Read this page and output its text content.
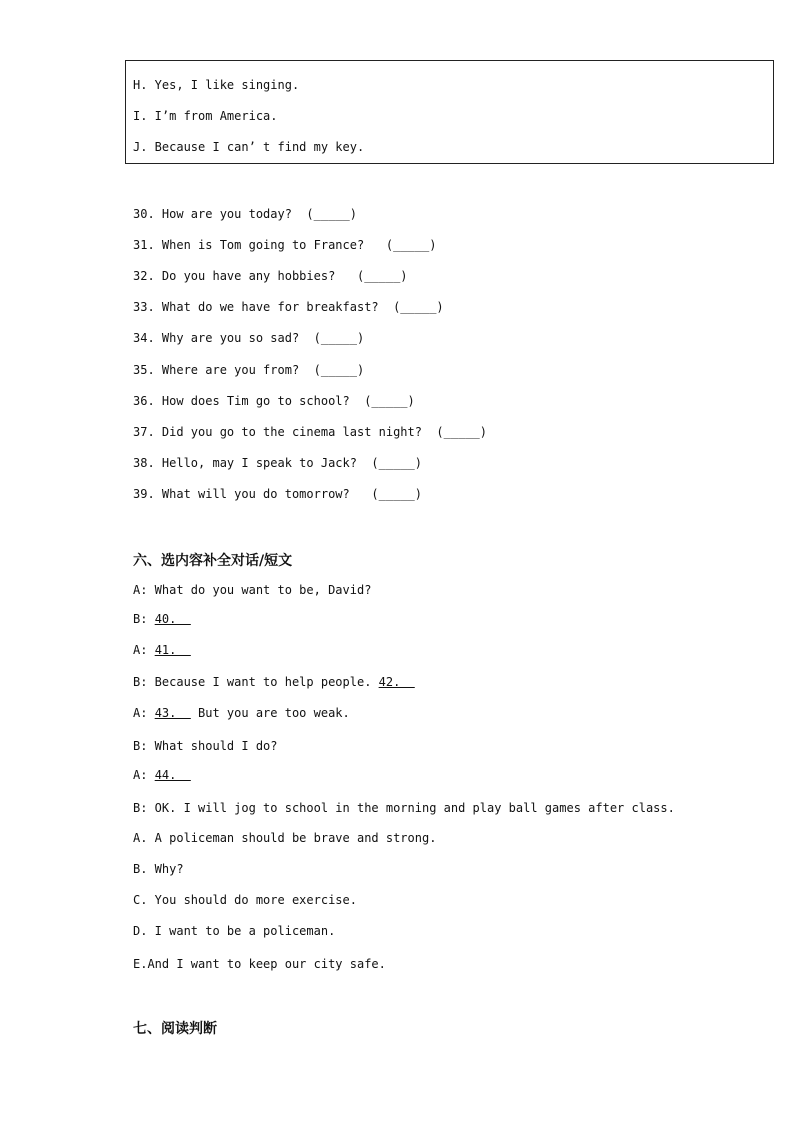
H. Yes, I like singing.
I. I’m from America.
J. Because I can’ t find my key.
30. How are you today?  (_____)
31. When is Tom going to France?   (_____)
32. Do you have any hobbies?   (_____)
33. What do we have for breakfast?  (_____)
34. Why are you so sad?  (_____)
35. Where are you from?  (_____)
36. How does Tim go to school?  (_____)
37. Did you go to the cinema last night?  (_____)
38. Hello, may I speak to Jack?  (_____)
39. What will you do tomorrow?   (_____)
六、选内容补全对话/短文
A: What do you want to be, David?
B: 40.
A: 41.
B: Because I want to help people. 42.
A: 43.   But you are too weak.
B: What should I do?
A: 44.
B: OK. I will jog to school in the morning and play ball games after class.
A. A policeman should be brave and strong.
B. Why?
C. You should do more exercise.
D. I want to be a policeman.
E.And I want to keep our city safe.
七、阅读判断
